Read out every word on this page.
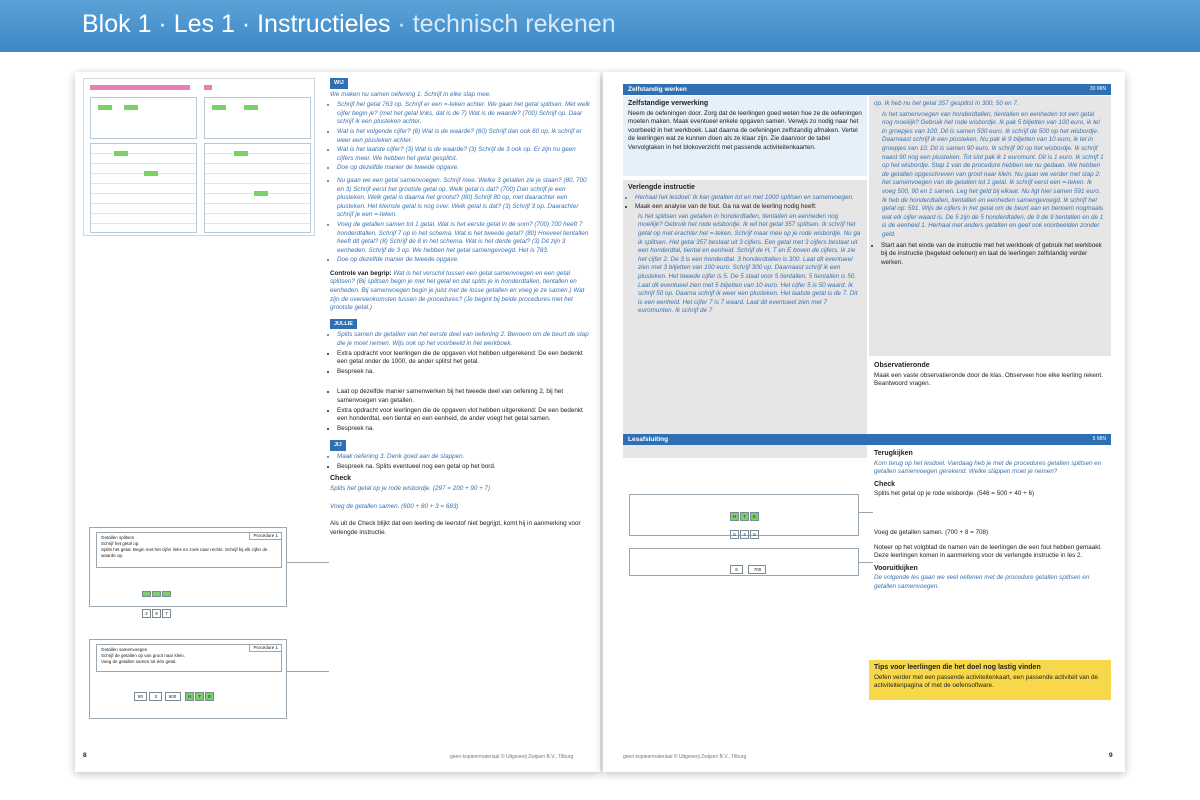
Blok 1 · Les 1 · Instructieles · technisch rekenen
WIJ

We maken nu samen oefening 1. Schrijf in elke stap mee.

• Schrijf het getal 763 op. Schrijf er een =-teken achter. We gaan het getal splitsen. Met welk cijfer begin je? (met het getal links, dat is de 7) Wat is de waarde? (700) Schrijf op. Daar schrijf ik een plusteken achter.
• Wat is het volgende cijfer? (6) Wat is de waarde? (60) Schrijf dan ook 60 op. Ik schrijf er weer een plusteken achter.
• Wat is het laatste cijfer? (3) Wat is de waarde? (3) Schrijf de 3 ook op. Er zijn nu geen cijfers meer. We hebben het getal gesplitst.
• Doe op dezelfde manier de tweede opgave.
• Nu gaan we een getal samenvoegen. Schrijf mee. Welke 3 getallen zie je staan? (80, 700 en 3) Schrijf eerst het grootste getal op. Welk getal is dat? (700) Dan schrijf je een plusteken. Welk getal is daarna het grootst? (80) Schrijf 80 op, met daarachter een plusteken. Het kleinste getal is nog over. Welk getal is dat? (3) Schrijf 3 op. Daarachter schrijf je een =-teken.
• Voeg de getallen samen tot 1 getal. Wat is het eerste getal in de som? (700) 700 heeft 7 honderdtallen. Schrijf 7 op in het schema. Wat is het tweede getal? (80) Hoeveel tientallen heeft dit getal? (8) Schrijf de 8 in het schema. Wat is het derde getal? (3) Dit zijn 3 eenheden. Schrijf de 3 op. We hebben het getal samengevoegd. Het is 783.
• Doe op dezelfde manier de tweede opgave.

Controle van begrip: Wat is het verschil tussen een getal samenvoegen en een getal splitsen? (Bij splitsen begin je met het getal en dat splits je in honderdtallen, tientallen en eenheden. Bij samenvoegen begin je juist met de losse getallen en voeg je ze samen.) Wat zijn de overeenkomsten tussen de procedures? (Je begint bij beide procedures met het grootste getal.)

JULLIE
• Splits samen de getallen van het eerste deel van oefening 2. Benoem om de beurt de stap die je moet nemen. Wijs ook op het voorbeeld in het werkboek.
• Extra opdracht voor leerlingen die de opgaven vlot hebben uitgerekend: De een bedenkt een getal onder de 1000, de ander splitst het getal.
• Bespreek na.
• Laat op dezelfde manier samenwerken bij het tweede deel van oefening 2, bij het samenvoegen van getallen.
• Extra opdracht voor leerlingen die de opgaven vlot hebben uitgerekend: De een bedenkt een honderdtal, een tiental en een eenheid, de ander voegt het getal samen.
• Bespreek na.
JIJ
• Maak oefening 3. Denk goed aan de stappen.
• Bespreek na. Splits eventueel nog een getal op het bord.
Check

Splits het getal op je rode wisbordje. (297 = 200 + 90 + 7)

Voeg de getallen samen. (600 + 80 + 3 = 683)

Als uit de Check blijkt dat een leerling de leerstof niet begrijpt, komt hij in aanmerking voor verlengde instructie.

Getallen splitsen
Schrijf het getal op.
Splits het getal. Begin met het cijfer links en zoek naar rechts. Schrijf bij elk cijfer de waarde op.
Procedure 1

2 9 7
Getallen samenvoegen
Schrijf de getallen op van groot naar klein.
Voeg de getallen samen tot één getal.
Procedure 1
80	3	600	H T E
8	geen kopieermateriaal © Uitgeverij Zwijsen B.V., Tilburg
Zelfstandig werken	30 MIN
Zelfstandige verwerking

Neem de oefeningen door. Zorg dat de leerlingen goed weten hoe ze de oefeningen moeten maken. Maak eventueel enkele opgaven samen. Verwijs zo nodig naar het voorbeeld in het werkboek. Laat daarna de oefeningen zelfstandig afmaken. Vertel de leerlingen wat ze kunnen doen als ze klaar zijn. Zie daarvoor de tabel Vervolgtaken in het blokoverzicht met passende activiteitenkaarten.

Verlengde instructie
• Herhaal het lesdoel: Ik kan getallen tot en met 1000 splitsen en samenvoegen.
• Maak een analyse van de fout. Ga na wat de leerling nodig heeft:

Is het splitsen van getallen in honderdtallen, tientallen en eenheden nog moeilijk? Gebruik het rode wisbordje. Ik wil het getal 357 splitsen. Ik schrijf het getal op met erachter het =-teken. Schrijf maar mee op je rode wisbordje. Nu ga ik splitsen. Het getal 357 bestaat uit 3 cijfers. Een getal met 3 cijfers bestaat uit een honderdtal, tiental en eenheid. Schrijf de H, T en E boven de cijfers. Ik zie het cijfer 2. De 3 is een honderdtal. 3 honderdtallen is 300. Laat dit eventueel zien met 3 biljetten van 100 euro. Schrijf 300 op. Daarnaast schrijf ik een plusteken. Het tweede cijfer is 5. De 5 staat voor 5 tientallen. 5 tientallen is 50. Laat dit eventueel zien met 5 biljetten van 10 euro. Het cijfer 5 is 50 waard. Ik schrijf 50 op. Daarna schrijf ik weer een plusteken. Het laatste getal is de 7. Dit is een eenheid. Het cijfer 7 is 7 waard. Laat dit eventueel zien met 7 euromunten. Ik schrijf de 7

op. Ik heb nu het getal 357 gesplitst in 300, 50 en 7.

Is het samenvoegen van honderdtallen, tientallen en eenheden tot een getal nog moeilijk? Gebruik het rode wisbordje. Ik pak 5 biljetten van 100 euro, ik tel in groepjes van 100. Dit is samen 500 euro. Ik schrijf de 500 op het wisbordje. Daarnaast schrijf ik een plusteken. Nu pak ik 9 biljetten van 10 euro, ik tel in groepjes van 10. Dit is samen 90 euro. Ik schrijf 90 op het wisbordje. Ik schrijf naast 90 nog een plusteken. Tot slot pak ik 1 euromunt. Dit is 1 euro. Ik schrijf 1 op het wisbordje. Stap 1 van de procedure hebben we nu gedaan. We hebben de getallen opgeschreven van groot naar klein. Nu gaan we verder met stap 2: het samenvoegen van de getallen tot 1 getal. Ik schrijf eerst een =-teken. Ik voeg 500, 90 en 1 samen. Leg het geld bij elkaar. Nu ligt hier samen 591 euro. Ik heb de honderdtallen, tientallen en eenheden samengevoegd. Ik schrijf het getal op: 591. Wijs de cijfers in het getal om de beurt aan en benoem nogmaals wat elk cijfer waard is. De 5 zijn de 5 honderdtallen, de 9 de 9 tientallen en de 1 is de eenheid 1. Herhaal met anders getallen en geef ook voorbeelden zonder geld.

• Start aan het einde van de instructie met het werkboek of gebruik het werkboek bij de instructie (begeleid oefenen) en laat de leerlingen zelfstandig verder werken.
Observatieronde

Maak een vaste observatieronde door de klas. Observeer hoe elke leerling rekent. Beantwoord vragen.

Lesafsluiting	5 MIN
Terugkijken

Kom terug op het lesdoel. Vandaag heb je met de procedures getallen splitsen en getallen samenvoegen gerekend. Welke stappen moet je nemen?

Check

Splits het getal op je rode wisbordje. (546 = 500 + 40 + 6)

Voeg de getallen samen. (700 + 8 = 708)

Noteer op het volgblad de namen van de leerlingen die een fout hebben gemaakt. Deze leerlingen komen in aanmerking voor de verlengde instructie in les 2.

Vooruitkijken

De volgende les gaan we veel oefenen met de procedure getallen splitsen en getallen samenvoegen.

Tips voor leerlingen die het doel nog lastig vinden

Oefen verder met een passende activiteitenkaart, een passende activiteit van de activiteitenpagina of met de oefensoftware.

H T E
5 4 6
8	700
geen kopieermateriaal © Uitgeverij Zwijsen B.V., Tilburg	9
